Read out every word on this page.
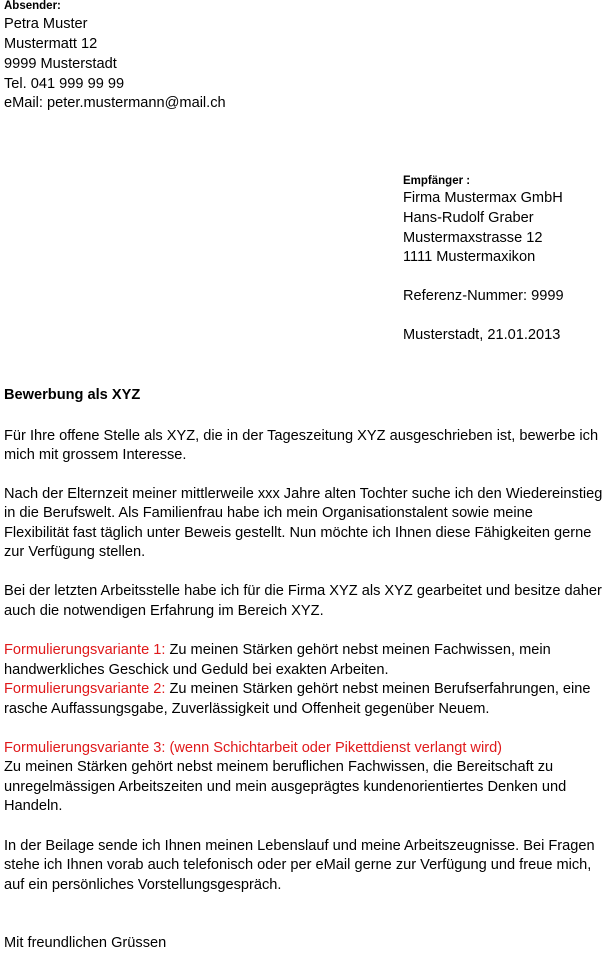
Absender:
Petra Muster
Mustermatt 12
9999 Musterstadt
Tel. 041 999 99 99
eMail: peter.mustermann@mail.ch
Empfänger :
Firma Mustermax GmbH
Hans-Rudolf Graber
Mustermaxstrasse 12
1111 Mustermaxikon
Referenz-Nummer: 9999
Musterstadt, 21.01.2013
Bewerbung als XYZ
Für Ihre offene Stelle als XYZ, die in der Tageszeitung XYZ ausgeschrieben ist, bewerbe ich
mich mit grossem Interesse.
Nach der Elternzeit meiner mittlerweile xxx Jahre alten Tochter suche ich den Wiedereinstieg
in die Berufswelt. Als Familienfrau habe ich mein Organisationstalent sowie meine
Flexibilität fast täglich unter Beweis gestellt. Nun möchte ich Ihnen diese Fähigkeiten gerne
zur Verfügung stellen.
Bei der letzten Arbeitsstelle habe ich für die Firma XYZ als XYZ gearbeitet und besitze daher
auch die notwendigen Erfahrung im Bereich XYZ.
Formulierungsvariante 1: Zu meinen Stärken gehört nebst meinen Fachwissen, mein
handwerkliches Geschick und Geduld bei exakten Arbeiten.
Formulierungsvariante 2: Zu meinen Stärken gehört nebst meinen Berufserfahrungen, eine
rasche Auffassungsgabe, Zuverlässigkeit und Offenheit gegenüber Neuem.
Formulierungsvariante 3: (wenn Schichtarbeit oder Pikettdienst verlangt wird)
Zu meinen Stärken gehört nebst meinem beruflichen Fachwissen, die Bereitschaft zu
unregelmässigen Arbeitszeiten und mein ausgeprägtes kundenorientiertes Denken und
Handeln.
In der Beilage sende ich Ihnen meinen Lebenslauf und meine Arbeitszeugnisse. Bei Fragen
stehe ich Ihnen vorab auch telefonisch oder per eMail gerne zur Verfügung und freue mich,
auf ein persönliches Vorstellungsgespräch.
Mit freundlichen Grüssen
